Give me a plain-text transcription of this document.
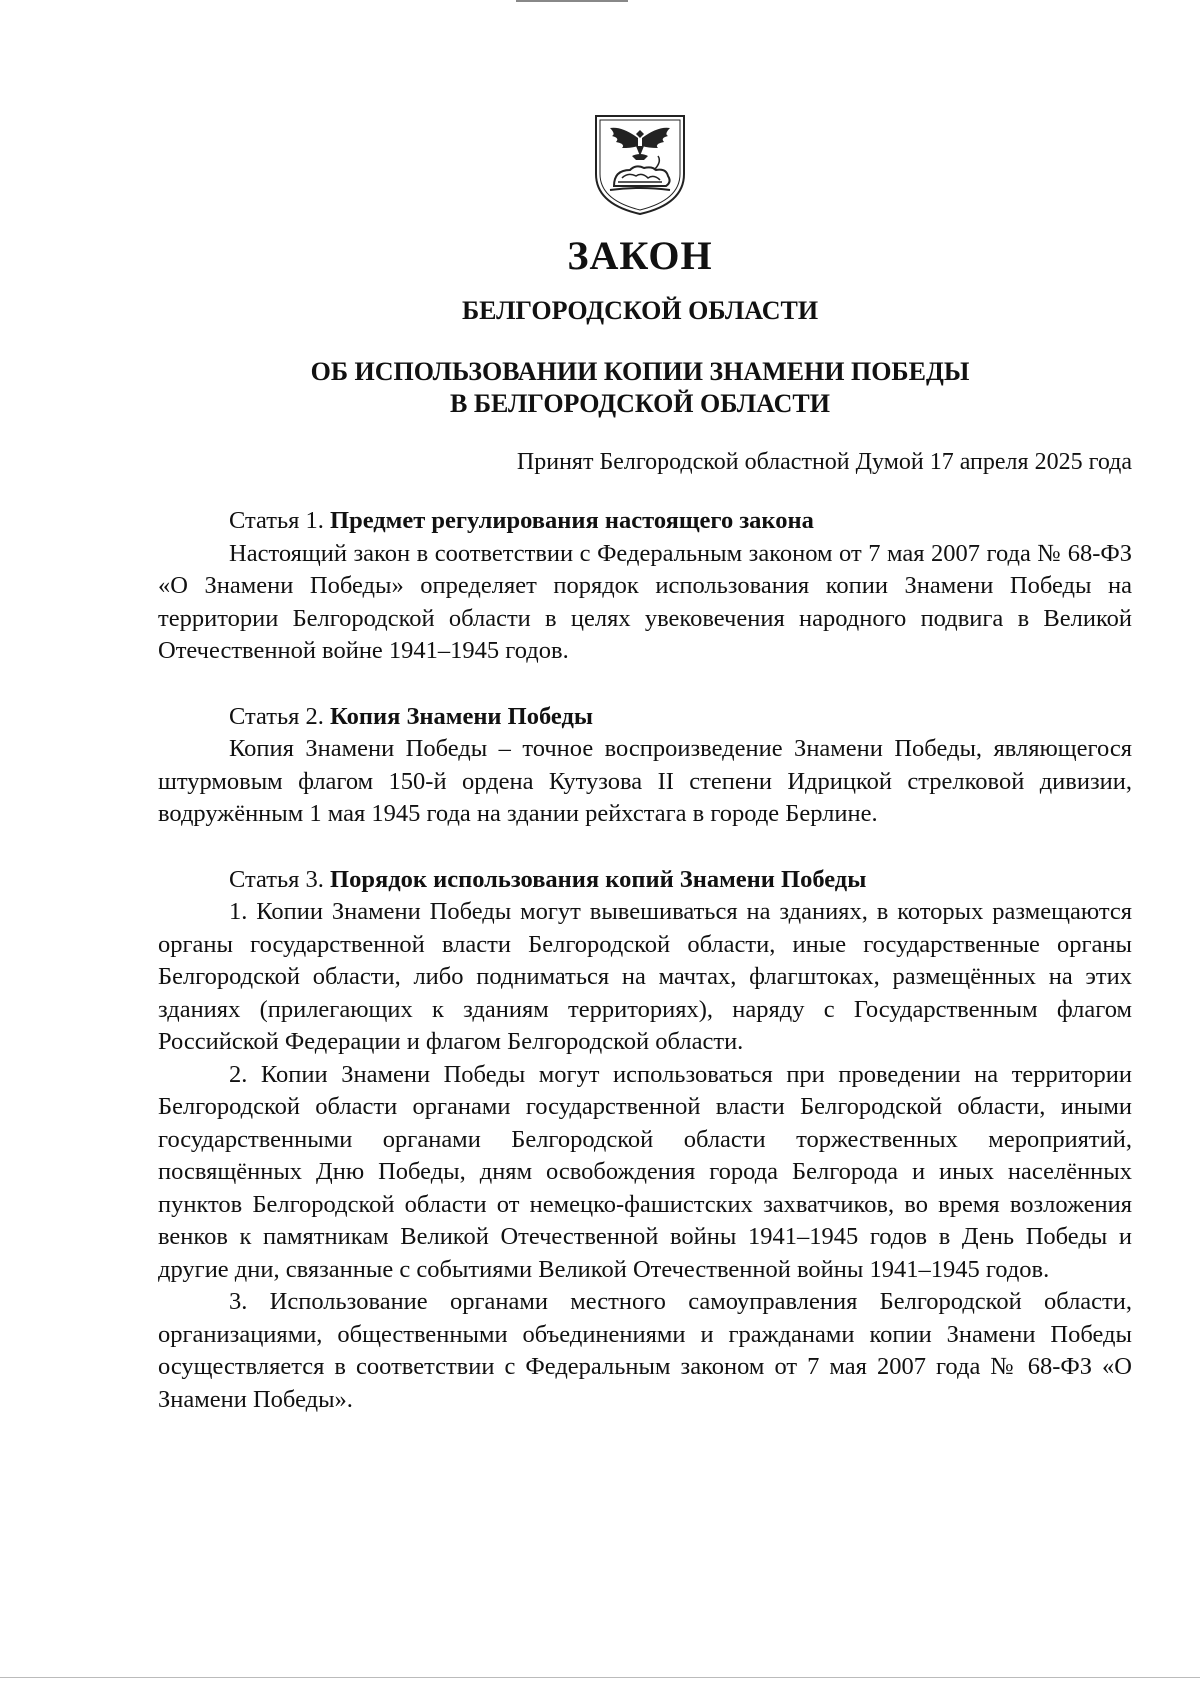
ЗАКОН
БЕЛГОРОДСКОЙ ОБЛАСТИ
ОБ ИСПОЛЬЗОВАНИИ КОПИИ ЗНАМЕНИ ПОБЕДЫ
В БЕЛГОРОДСКОЙ ОБЛАСТИ

Принят Белгородской областной Думой 17 апреля 2025 года

Статья 1. Предмет регулирования настоящего закона

Настоящий закон в соответствии с Федеральным законом от 7 мая 2007 года № 68-ФЗ «О Знамени Победы» определяет порядок использования копии Знамени Победы на территории Белгородской области в целях увековечения народного подвига в Великой Отечественной войне 1941–1945 годов.

Статья 2. Копия Знамени Победы

Копия Знамени Победы – точное воспроизведение Знамени Победы, являющегося штурмовым флагом 150-й ордена Кутузова II степени Идрицкой стрелковой дивизии, водружённым 1 мая 1945 года на здании рейхстага в городе Берлине.

Статья 3. Порядок использования копий Знамени Победы

1. Копии Знамени Победы могут вывешиваться на зданиях, в которых размещаются органы государственной власти Белгородской области, иные государственные органы Белгородской области, либо подниматься на мачтах, флагштоках, размещённых на этих зданиях (прилегающих к зданиям территориях), наряду с Государственным флагом Российской Федерации и флагом Белгородской области.

2. Копии Знамени Победы могут использоваться при проведении на территории Белгородской области органами государственной власти Белгородской области, иными государственными органами Белгородской области торжественных мероприятий, посвящённых Дню Победы, дням освобождения города Белгорода и иных населённых пунктов Белгородской области от немецко-фашистских захватчиков, во время возложения венков к памятникам Великой Отечественной войны 1941–1945 годов в День Победы и другие дни, связанные с событиями Великой Отечественной войны 1941–1945 годов.

3. Использование органами местного самоуправления Белгородской области, организациями, общественными объединениями и гражданами копии Знамени Победы осуществляется в соответствии с Федеральным законом от 7 мая 2007 года № 68-ФЗ «О Знамени Победы».
